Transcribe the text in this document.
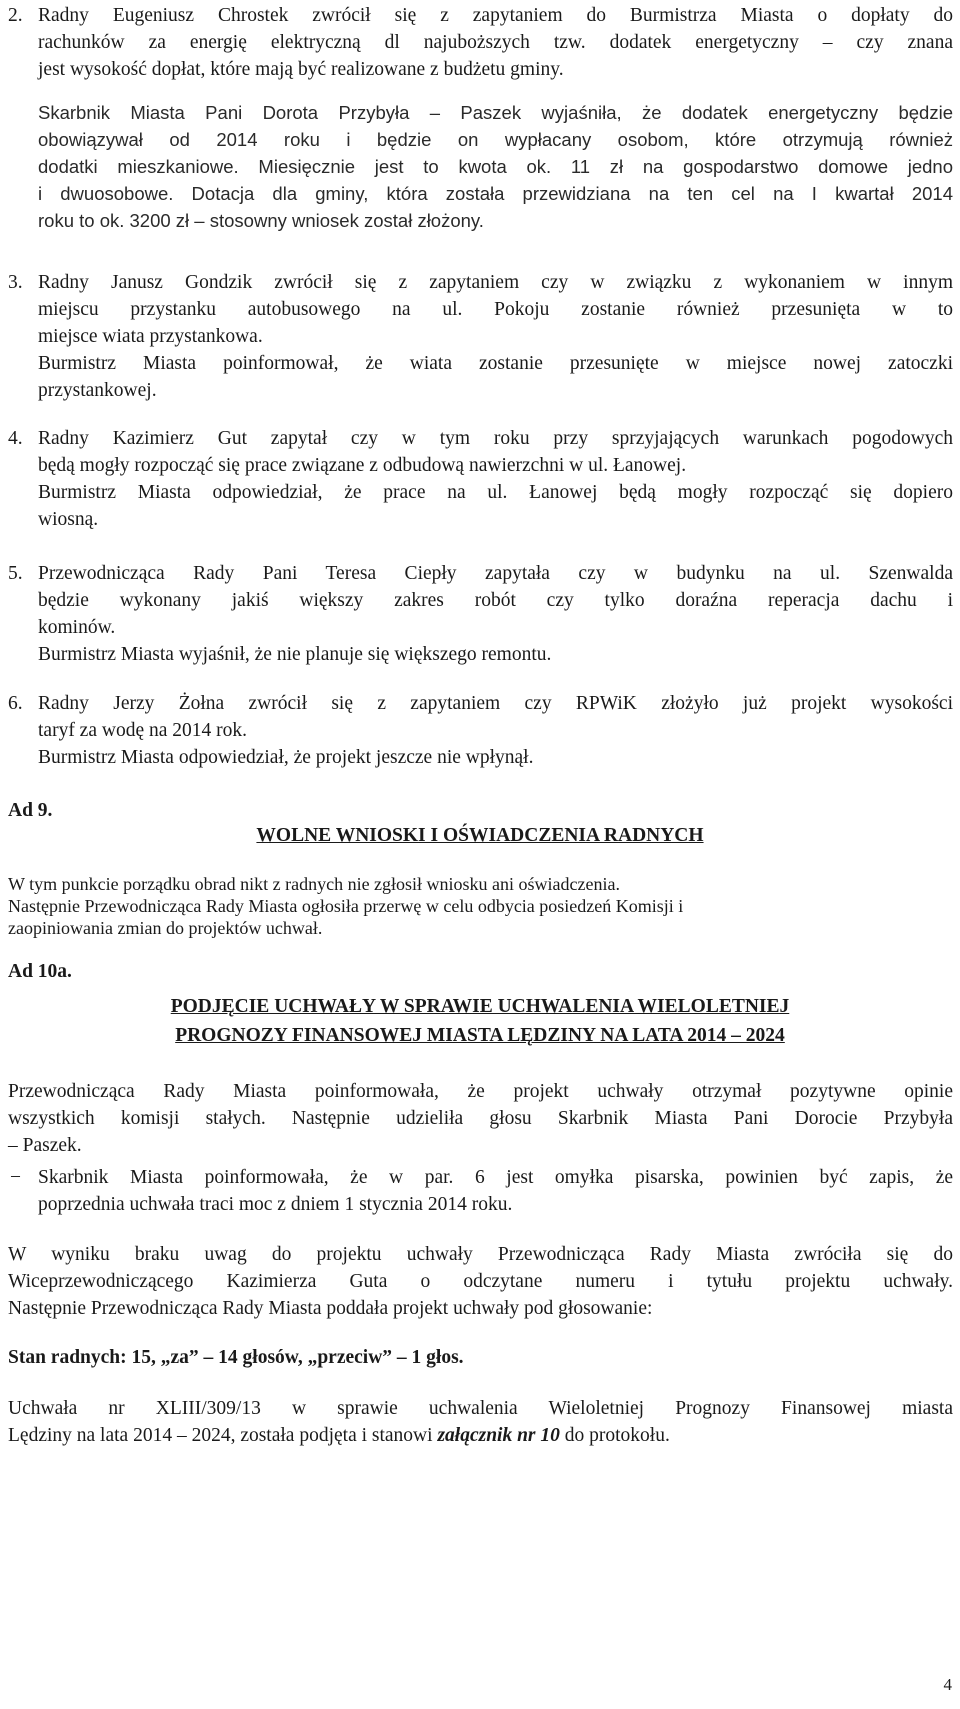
2. Radny Eugeniusz Chrostek zwrócił się z zapytaniem do Burmistrza Miasta o dopłaty do
rachunków za energię elektryczną dl najuboższych tzw. dodatek energetyczny – czy znana
jest wysokość dopłat, które mają być realizowane z budżetu gminy.
Skarbnik Miasta Pani Dorota Przybyła – Paszek wyjaśniła, że dodatek energetyczny będzie
obowiązywał od 2014 roku i będzie on wypłacany osobom, które otrzymują również
dodatki mieszkaniowe. Miesięcznie jest to kwota ok. 11 zł na gospodarstwo domowe jedno
i dwuosobowe. Dotacja dla gminy, która została przewidziana na ten cel na I kwartał 2014
roku to ok. 3200 zł – stosowny wniosek został złożony.
3. Radny Janusz Gondzik zwrócił się z zapytaniem czy w związku z wykonaniem w innym
miejscu przystanku autobusowego na ul. Pokoju zostanie również przesunięta w to
miejsce wiata przystankowa.
Burmistrz Miasta poinformował, że wiata zostanie przesunięte w miejsce nowej zatoczki
przystankowej.
4. Radny Kazimierz Gut zapytał czy w tym roku przy sprzyjających warunkach pogodowych
będą mogły rozpocząć się prace związane z odbudową nawierzchni w ul. Łanowej.
Burmistrz Miasta odpowiedział, że prace na ul. Łanowej będą mogły rozpocząć się dopiero
wiosną.
5. Przewodnicząca Rady Pani Teresa Ciepły zapytała czy w budynku na ul. Szenwalda
będzie wykonany jakiś większy zakres robót czy tylko doraźna reperacja dachu i
kominów.
Burmistrz Miasta wyjaśnił, że nie planuje się większego remontu.
6. Radny Jerzy Żołna zwrócił się z zapytaniem czy RPWiK złożyło już projekt wysokości
taryf za wodę na 2014 rok.
Burmistrz Miasta odpowiedział, że projekt jeszcze nie wpłynął.
Ad 9.
WOLNE WNIOSKI I OŚWIADCZENIA RADNYCH
W tym punkcie porządku obrad nikt z radnych nie zgłosił wniosku ani oświadczenia.
Następnie Przewodnicząca Rady Miasta ogłosiła przerwę w celu odbycia posiedzeń Komisji i
zaopiniowania zmian do projektów uchwał.
Ad 10a.
PODJĘCIE UCHWAŁY W SPRAWIE UCHWALENIA WIELOLETNIEJ
PROGNOZY FINANSOWEJ MIASTA LĘDZINY NA LATA 2014 – 2024
Przewodnicząca Rady Miasta poinformowała, że projekt uchwały otrzymał pozytywne opinie
wszystkich komisji stałych. Następnie udzieliła głosu Skarbnik Miasta Pani Dorocie Przybyła
– Paszek.
− Skarbnik Miasta poinformowała, że w par. 6 jest omyłka pisarska, powinien być zapis, że
poprzednia uchwała traci moc z dniem 1 stycznia 2014 roku.
W wyniku braku uwag do projektu uchwały Przewodnicząca Rady Miasta zwróciła się do
Wiceprzewodniczącego Kazimierza Guta o odczytane numeru i tytułu projektu uchwały.
Następnie Przewodnicząca Rady Miasta poddała projekt uchwały pod głosowanie:
Stan radnych: 15, „za” – 14 głosów, „przeciw” – 1 głos.
Uchwała nr XLIII/309/13 w sprawie uchwalenia Wieloletniej Prognozy Finansowej miasta
Lędziny na lata 2014 – 2024, została podjęta i stanowi załącznik nr 10 do protokołu.
4
